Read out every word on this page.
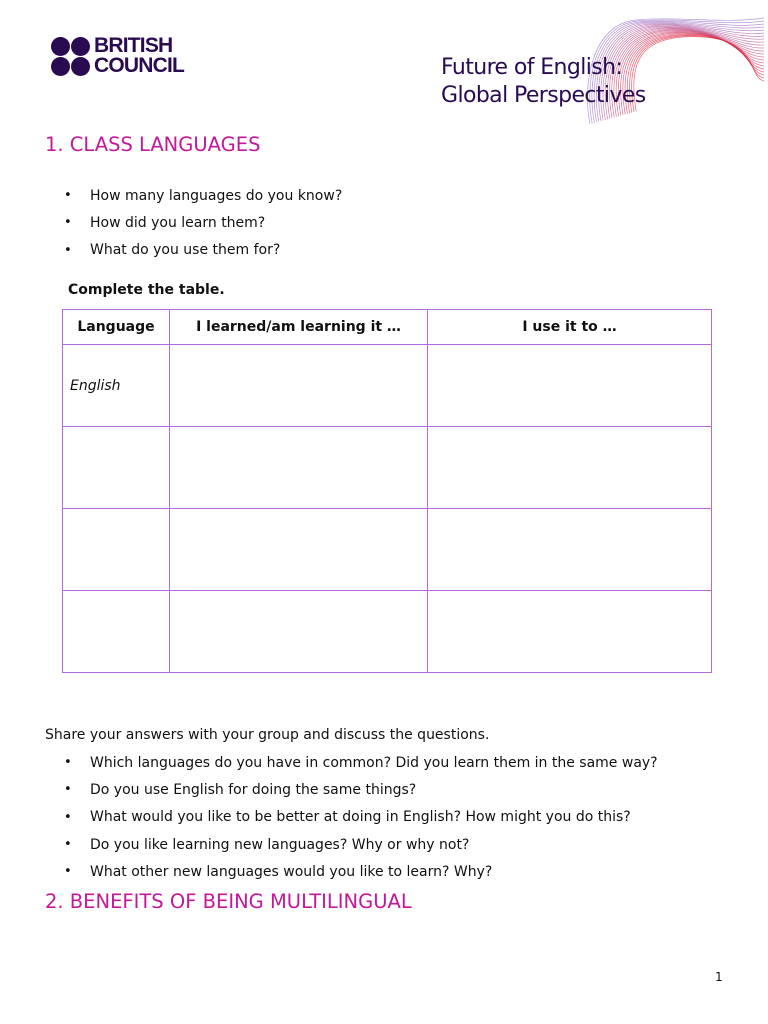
BRITISH
COUNCIL	Future of English:
Global Perspectives
1. CLASS LANGUAGES
•	How many languages do you know?
•	How did you learn them?
•	What do you use them for?
Complete the table.
Language	I learned/am learning it …	I use it to …
English		

Share your answers with your group and discuss the questions.
•	Which languages do you have in common? Did you learn them in the same way?
•	Do you use English for doing the same things?
•	What would you like to be better at doing in English? How might you do this?
•	Do you like learning new languages? Why or why not?
•	What other new languages would you like to learn? Why?
2. BENEFITS OF BEING MULTILINGUAL
1
